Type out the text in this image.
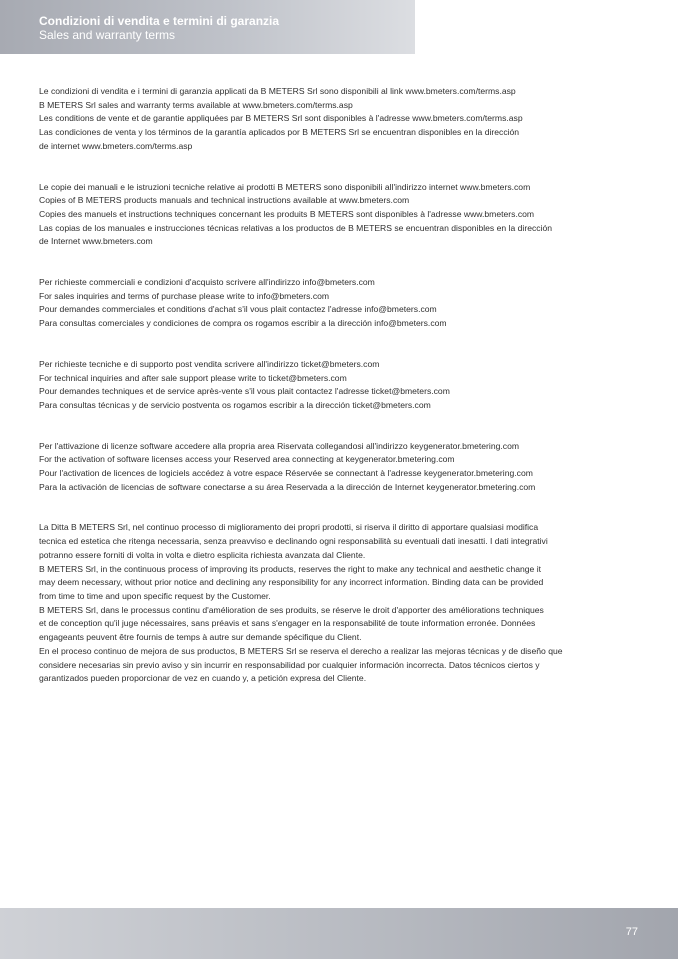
Condizioni di vendita e termini di garanzia
Sales and warranty terms
Le condizioni di vendita e i termini di garanzia applicati da B METERS Srl sono disponibili al link www.bmeters.com/terms.asp
B METERS Srl sales and warranty terms available at www.bmeters.com/terms.asp
Les conditions de vente et de garantie appliquées par B METERS Srl sont disponibles à l'adresse www.bmeters.com/terms.asp
Las condiciones de venta y los términos de la garantía aplicados por B METERS Srl se encuentran disponibles en la dirección
de internet www.bmeters.com/terms.asp
Le copie dei manuali e le istruzioni tecniche relative ai prodotti B METERS sono disponibili all'indirizzo internet www.bmeters.com
Copies of B METERS products manuals and technical instructions available at www.bmeters.com
Copies des manuels et instructions techniques concernant les produits B METERS sont disponibles à l'adresse www.bmeters.com
Las copias de los manuales e instrucciones técnicas relativas a los productos de B METERS se encuentran disponibles en la dirección
de Internet www.bmeters.com
Per richieste commerciali e condizioni d'acquisto scrivere all'indirizzo info@bmeters.com
For sales inquiries and terms of purchase please write to info@bmeters.com
Pour demandes commerciales et conditions d'achat s'il vous plait contactez l'adresse info@bmeters.com
Para consultas comerciales y condiciones de compra os rogamos escribir a la dirección info@bmeters.com
Per richieste tecniche e di supporto post vendita scrivere all'indirizzo ticket@bmeters.com
For technical inquiries and after sale support please write to ticket@bmeters.com
Pour demandes techniques et de service après-vente s'il vous plait contactez l'adresse ticket@bmeters.com
Para consultas técnicas y de servicio postventa os rogamos escribir a la dirección ticket@bmeters.com
Per l'attivazione di licenze software accedere alla propria area Riservata collegandosi all'indirizzo keygenerator.bmetering.com
For the activation of software licenses access your Reserved area connecting at keygenerator.bmetering.com
Pour l'activation de licences de logiciels accédez à votre espace Réservée se connectant à l'adresse keygenerator.bmetering.com
Para la activación de licencias de software conectarse a su área Reservada a la dirección de Internet keygenerator.bmetering.com
La Ditta B METERS Srl, nel continuo processo di miglioramento dei propri prodotti, si riserva il diritto di apportare qualsiasi modifica
tecnica ed estetica che ritenga necessaria, senza preavviso e declinando ogni responsabilità su eventuali dati inesatti. I dati integrativi
potranno essere forniti di volta in volta e dietro esplicita richiesta avanzata dal Cliente.
B METERS Srl, in the continuous process of improving its products, reserves the right to make any technical and aesthetic change it
may deem necessary, without prior notice and declining any responsibility for any incorrect information. Binding data can be provided
from time to time and upon specific request by the Customer.
B METERS Srl, dans le processus continu d'amélioration de ses produits, se réserve le droit d'apporter des améliorations techniques
et de conception qu'il juge nécessaires, sans préavis et sans s'engager en la responsabilité de toute information erronée. Données
engageants peuvent être fournis de temps à autre sur demande spécifique du Client.
En el proceso continuo de mejora de sus productos, B METERS Srl se reserva el derecho a realizar las mejoras técnicas y de diseño que
considere necesarias sin previo aviso y sin incurrir en responsabilidad por cualquier información incorrecta. Datos técnicos ciertos y
garantizados pueden proporcionar de vez en cuando y, a petición expresa del Cliente.
77
